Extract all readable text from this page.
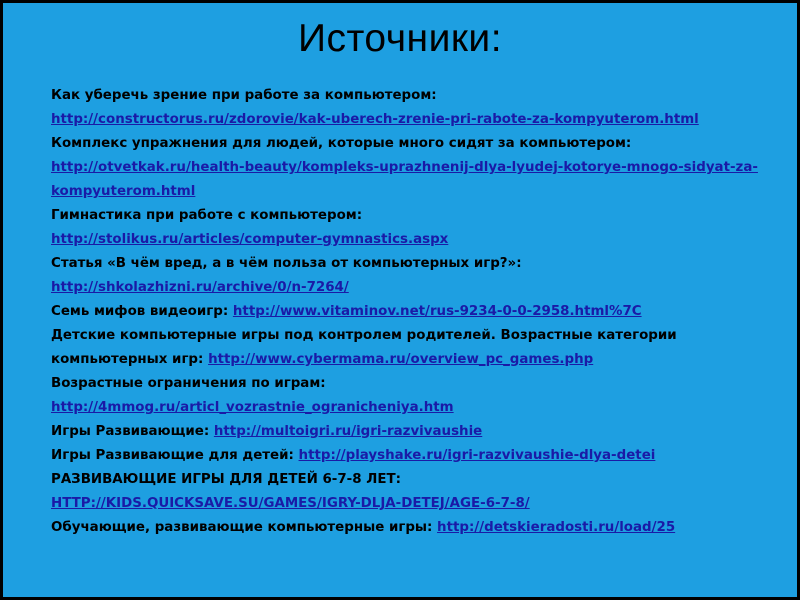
Источники:
Как уберечь зрение при работе за компьютером:
http://constructorus.ru/zdorovie/kak-uberech-zrenie-pri-rabote-za-kompyuterom.html
Комплекс упражнения для людей, которые много сидят за компьютером:
http://otvetkak.ru/health-beauty/kompleks-uprazhnenij-dlya-lyudej-kotorye-mnogo-sidyat-za-kompyuterom.html
Гимнастика при работе с компьютером:
http://stolikus.ru/articles/computer-gymnastics.aspx
Статья «В чём вред, а в чём польза от компьютерных игр?»:
http://shkolazhizni.ru/archive/0/n-7264/
Семь мифов видеоигр: http://www.vitaminov.net/rus-9234-0-0-2958.html%7C
Детские компьютерные игры под контролем родителей. Возрастные категории компьютерных игр: http://www.cybermama.ru/overview_pc_games.php
Возрастные ограничения по играм:
http://4mmog.ru/articl_vozrastnie_ogranicheniya.htm
Игры Развивающие: http://multoigri.ru/igri-razvivaushie
Игры Развивающие для детей: http://playshake.ru/igri-razvivaushie-dlya-detei
РАЗВИВАЮЩИЕ ИГРЫ ДЛЯ ДЕТЕЙ 6-7-8 ЛЕТ:
HTTP://KIDS.QUICKSAVE.SU/GAMES/IGRY-DLJA-DETEJ/AGE-6-7-8/
Обучающие, развивающие компьютерные игры: http://detskieradosti.ru/load/25
